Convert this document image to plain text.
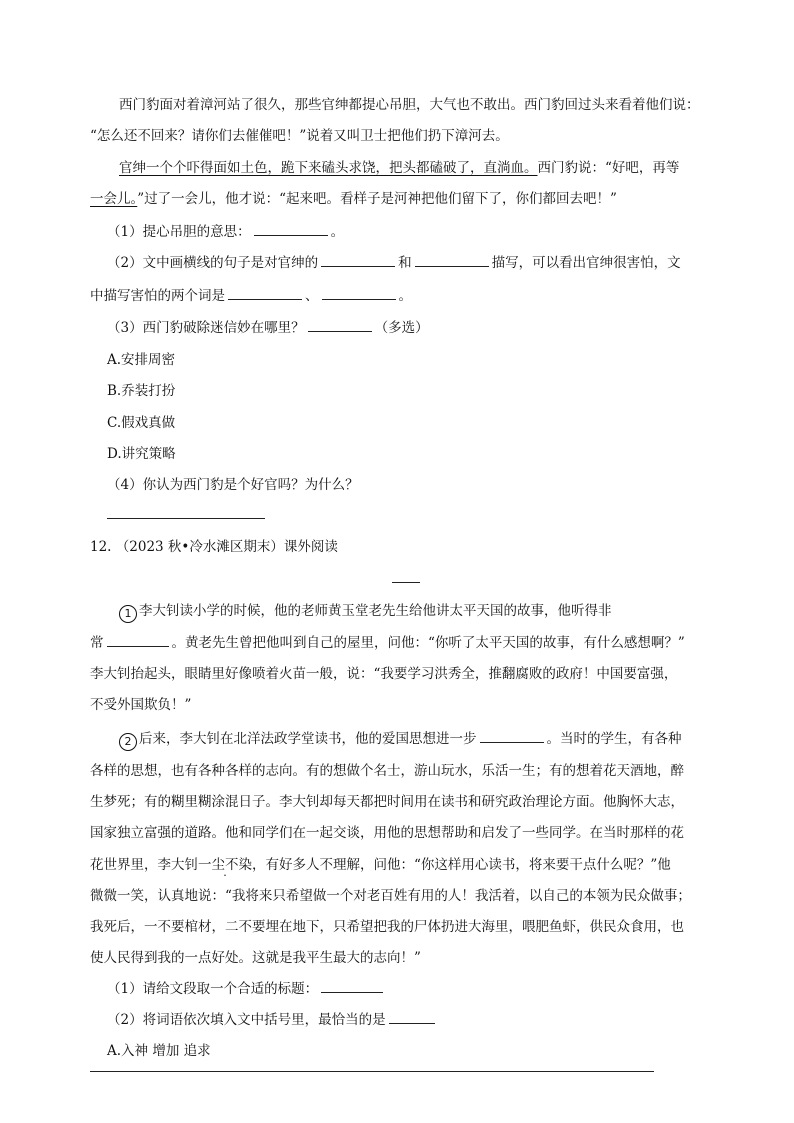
西门豹面对着漳河站了很久，那些官绅都提心吊胆，大气也不敢出。西门豹回过头来看着他们说：
“怎么还不回来？请你们去催催吧！”说着又叫卫士把他们扔下漳河去。
官绅一个个吓得面如土色，跪下来磕头求饶，把头都磕破了，直淌血。西门豹说：“好吧，再等
一会儿。”过了一会儿，他才说：“起来吧。看样子是河神把他们留下了，你们都回去吧！”
（1）提心吊胆的意思：	。
（2）文中画横线的句子是对官绅的	和	描写，可以看出官绅很害怕，文
中描写害怕的两个词是	、	。
（3）西门豹破除迷信妙在哪里？	（多选）
A.安排周密
B.乔装打扮
C.假戏真做
D.讲究策略
（4）你认为西门豹是个好官吗？为什么？
12. （2023 秋•冷水滩区期末）课外阅读
1 李大钊读小学的时候，他的老师黄玉堂老先生给他讲太平天国的故事，他听得非
常	。黄老先生曾把他叫到自己的屋里，问他：“你听了太平天国的故事，有什么感想啊？”
李大钊抬起头，眼睛里好像喷着火苗一般，说：“我要学习洪秀全，推翻腐败的政府！中国要富强，
不受外国欺负！”
2 后来，李大钊在北洋法政学堂读书，他的爱国思想进一步	。当时的学生，有各种
各样的思想，也有各种各样的志向。有的想做个名士，游山玩水，乐活一生；有的想着花天酒地，醉
生梦死；有的糊里糊涂混日子。李大钊却每天都把时间用在读书和研究政治理论方面。他胸怀大志，
国家独立富强的道路。他和同学们在一起交谈，用他的思想帮助和启发了一些同学。在当时那样的花
花世界里，李大钊一尘不染，有好多人不理解，问他：“你这样用心读书，将来要干点什么呢？”他
微微一笑，认真地说：“我将来只希望做一个对老百姓有用的人！我活着，以自己的本领为民众做事；
我死后，一不要棺材，二不要埋在地下，只希望把我的尸体扔进大海里，喂肥鱼虾，供民众食用，也
使人民得到我的一点好处。这就是我平生最大的志向！”
（1）请给文段取一个合适的标题：
（2）将词语依次填入文中括号里，最恰当的是
A.入神 增加 追求
